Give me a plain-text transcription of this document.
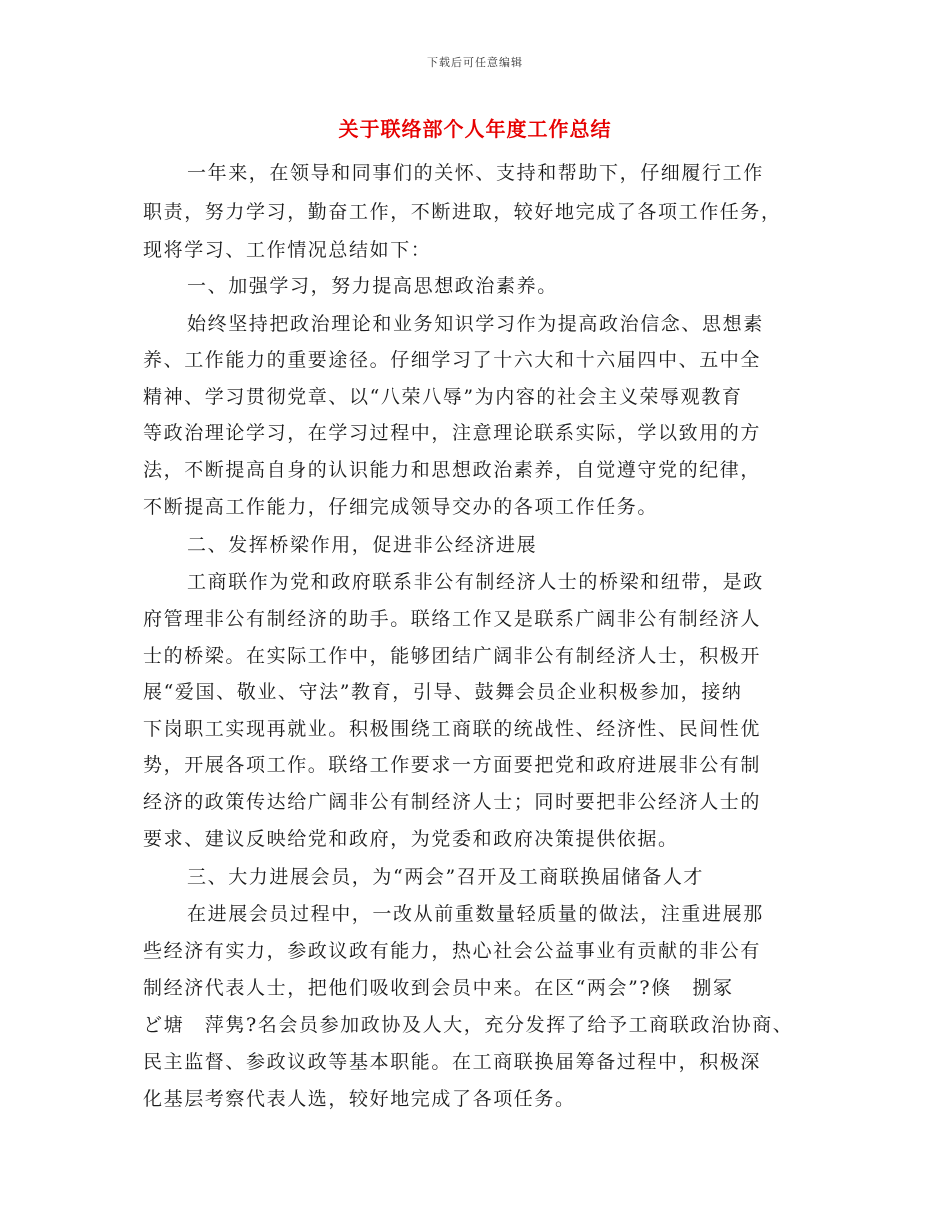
下载后可任意编辑
关于联络部个人年度工作总结
一年来，在领导和同事们的关怀、支持和帮助下，仔细履行工作
职责，努力学习，勤奋工作，不断进取，较好地完成了各项工作任务，
现将学习、工作情况总结如下：
一、加强学习，努力提高思想政治素养。
始终坚持把政治理论和业务知识学习作为提高政治信念、思想素
养、工作能力的重要途径。仔细学习了十六大和十六届四中、五中全
精神、学习贯彻党章、以“八荣八辱”为内容的社会主义荣辱观教育
等政治理论学习，在学习过程中，注意理论联系实际，学以致用的方
法，不断提高自身的认识能力和思想政治素养，自觉遵守党的纪律，
不断提高工作能力，仔细完成领导交办的各项工作任务。
二、发挥桥梁作用，促进非公经济进展
工商联作为党和政府联系非公有制经济人士的桥梁和纽带，是政
府管理非公有制经济的助手。联络工作又是联系广阔非公有制经济人
士的桥梁。在实际工作中，能够团结广阔非公有制经济人士，积极开
展“爱国、敬业、守法”教育，引导、鼓舞会员企业积极参加，接纳
下岗职工实现再就业。积极围绕工商联的统战性、经济性、民间性优
势，开展各项工作。联络工作要求一方面要把党和政府进展非公有制
经济的政策传达给广阔非公有制经济人士；同时要把非公经济人士的
要求、建议反映给党和政府，为党委和政府决策提供依据。
三、大力进展会员，为“两会”召开及工商联换届储备人才
在进展会员过程中，一改从前重数量轻质量的做法，注重进展那
些经济有实力，参政议政有能力，热心社会公益事业有贡献的非公有
制经济代表人士，把他们吸收到会员中来。在区“两会”?倏　捌冢
ど塘　萍隽?名会员参加政协及人大，充分发挥了给予工商联政治协商、
民主监督、参政议政等基本职能。在工商联换届筹备过程中，积极深
化基层考察代表人选，较好地完成了各项任务。
